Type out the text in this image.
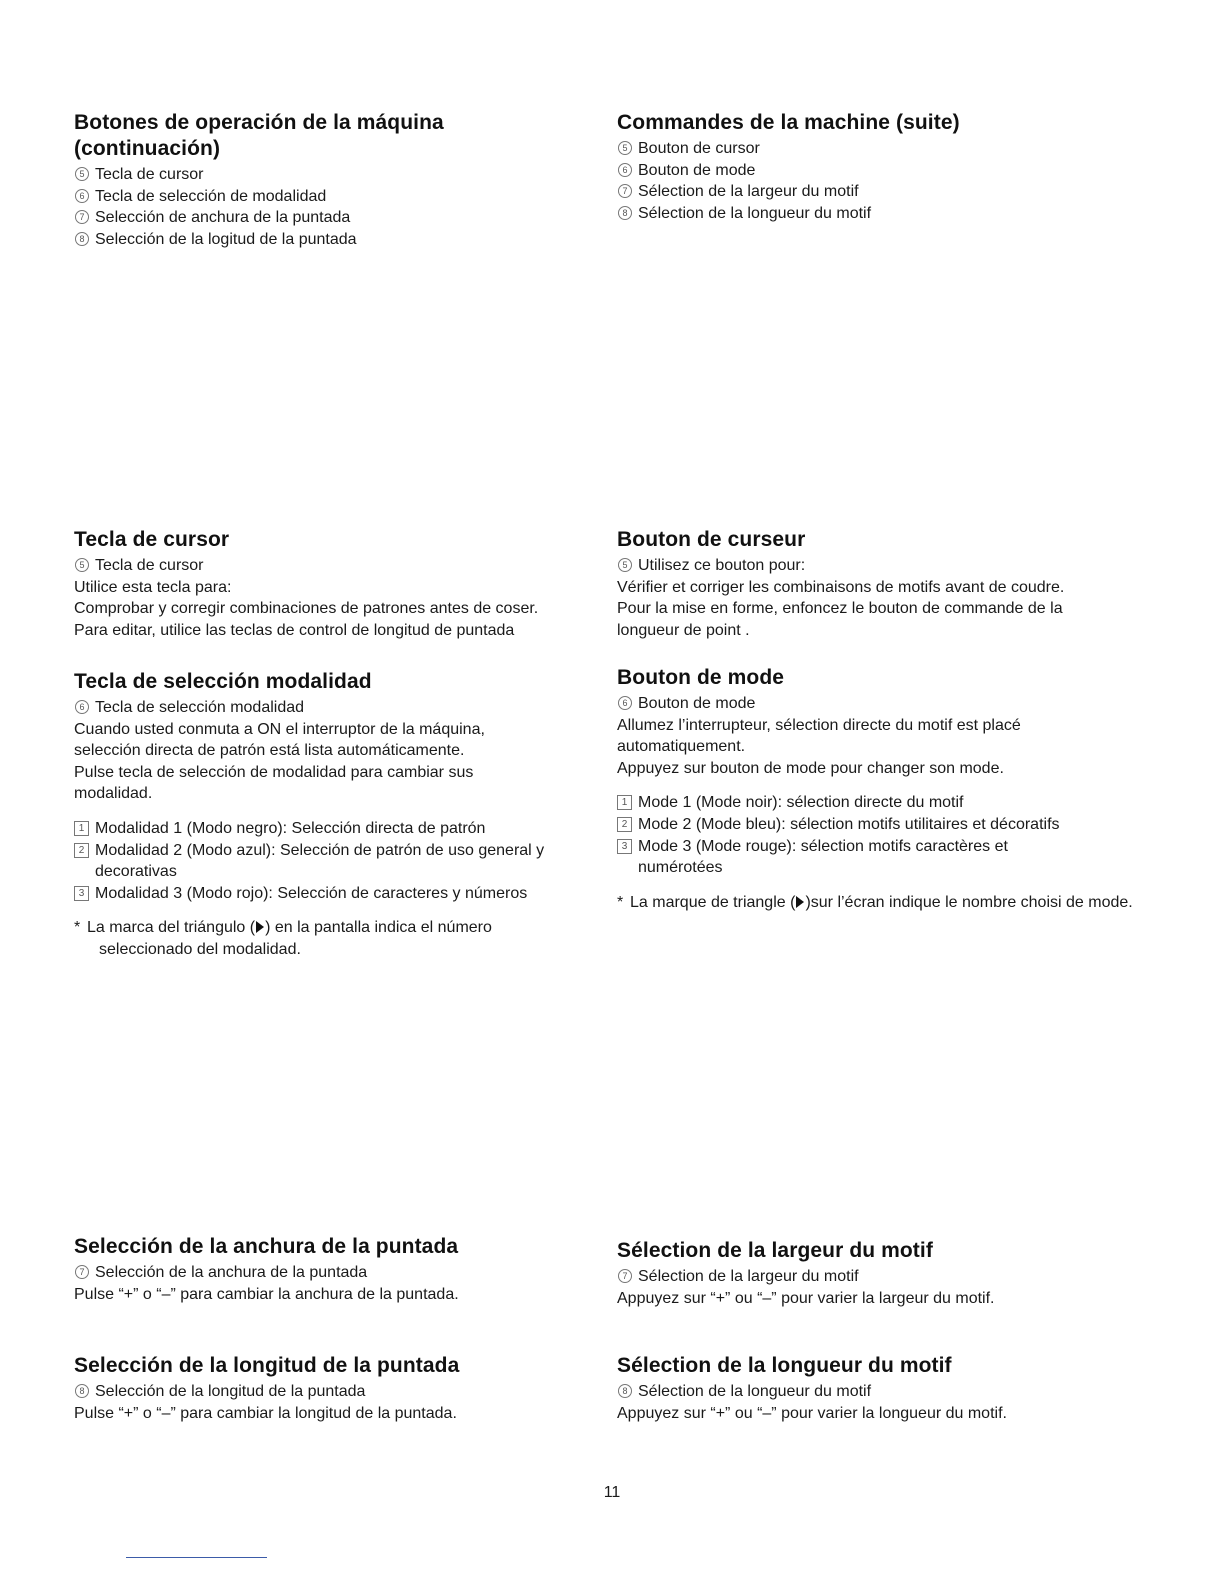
Botones de operación de la máquina
(continuación)
5 Tecla de cursor
6 Tecla de selección de modalidad
7 Selección de anchura de la puntada
8 Selección de la logitud de la puntada
Commandes de la machine (suite)
5 Bouton de cursor
6 Bouton de mode
7 Sélection de la largeur du motif
8 Sélection de la longueur du motif
Tecla de cursor
5 Tecla de cursor

Utilice esta tecla para:

Comprobar y corregir combinaciones de patrones antes de coser.

Para editar, utilice las teclas de control de longitud de puntada

Bouton de curseur
5 Utilisez ce bouton pour:

Vérifier et corriger les combinaisons de motifs avant de coudre.

Pour la mise en forme, enfoncez le bouton de commande de la

longueur de point .

Tecla de selección modalidad
6 Tecla de selección modalidad

Cuando usted conmuta a ON el interruptor de la máquina,

selección directa de patrón está lista automáticamente.

Pulse tecla de selección de modalidad para cambiar sus

modalidad.

1 Modalidad 1 (Modo negro): Selección directa de patrón
2 Modalidad 2 (Modo azul): Selección de patrón de uso general y decorativas
3 Modalidad 3 (Modo rojo): Selección de caracteres y números
* La marca del triángulo ( ) en la pantalla indica el número seleccionado del modalidad.
Bouton de mode
6 Bouton de mode

Allumez l’interrupteur, sélection directe du motif est placé

automatiquement.

Appuyez sur bouton de mode pour changer son mode.

1 Mode 1 (Mode noir): sélection directe du motif
2 Mode 2 (Mode bleu): sélection motifs utilitaires et décoratifs
3 Mode 3 (Mode rouge): sélection motifs caractères et numérotées
* La marque de triangle ( )sur l’écran indique le nombre choisi de mode.
Selección de la anchura de la puntada
7 Selección de la anchura de la puntada

Pulse “+” o “–” para cambiar la anchura de la puntada.

Sélection de la largeur du motif
7 Sélection de la largeur du motif

Appuyez sur “+” ou “–” pour varier la largeur du motif.

Selección de la longitud de la puntada
8 Selección de la longitud de la puntada

Pulse “+” o “–” para cambiar la longitud de la puntada.

Sélection de la longueur du motif
8 Sélection de la longueur du motif

Appuyez sur “+” ou “–” pour varier la longueur du motif.

11
